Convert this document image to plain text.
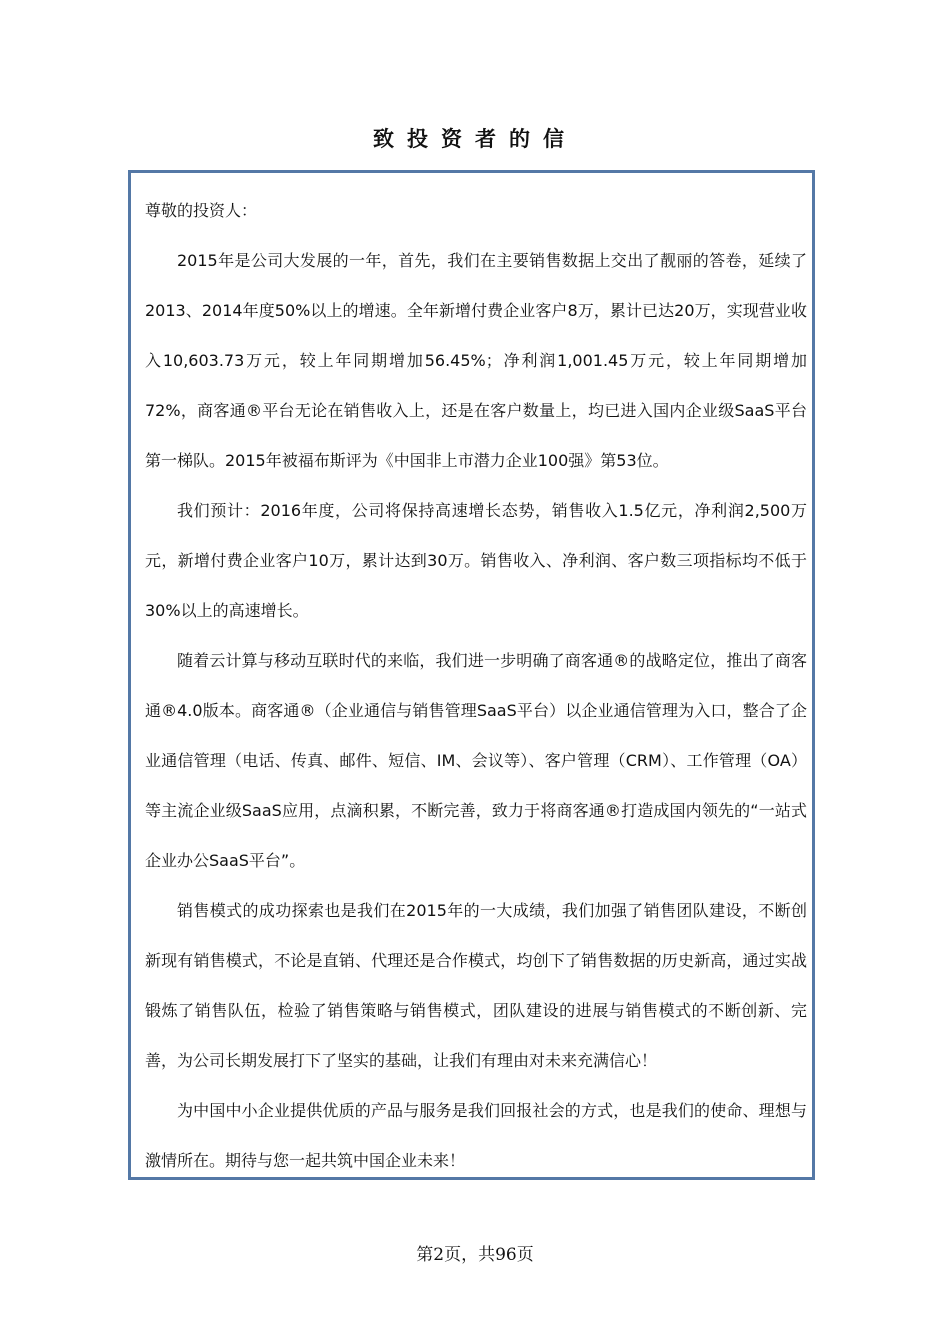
致投资者的信

尊敬的投资人：

2015年是公司大发展的一年，首先，我们在主要销售数据上交出了靓丽的答卷，延续了2013、2014年度50%以上的增速。全年新增付费企业客户8万，累计已达20万，实现营业收入10,603.73万元，较上年同期增加56.45%；净利润1,001.45万元，较上年同期增加72%，商客通®平台无论在销售收入上，还是在客户数量上，均已进入国内企业级SaaS平台第一梯队。2015年被福布斯评为《中国非上市潜力企业100强》第53位。

我们预计：2016年度，公司将保持高速增长态势，销售收入1.5亿元，净利润2,500万元，新增付费企业客户10万，累计达到30万。销售收入、净利润、客户数三项指标均不低于30%以上的高速增长。

随着云计算与移动互联时代的来临，我们进一步明确了商客通®的战略定位，推出了商客通®4.0版本。商客通®（企业通信与销售管理SaaS平台）以企业通信管理为入口，整合了企业通信管理（电话、传真、邮件、短信、IM、会议等）、客户管理（CRM）、工作管理（OA）等主流企业级SaaS应用，点滴积累，不断完善，致力于将商客通®打造成国内领先的“一站式企业办公SaaS平台”。

销售模式的成功探索也是我们在2015年的一大成绩，我们加强了销售团队建设，不断创新现有销售模式，不论是直销、代理还是合作模式，均创下了销售数据的历史新高，通过实战锻炼了销售队伍，检验了销售策略与销售模式，团队建设的进展与销售模式的不断创新、完善，为公司长期发展打下了坚实的基础，让我们有理由对未来充满信心！

为中国中小企业提供优质的产品与服务是我们回报社会的方式，也是我们的使命、理想与激情所在。期待与您一起共筑中国企业未来！

第2页，共96页
